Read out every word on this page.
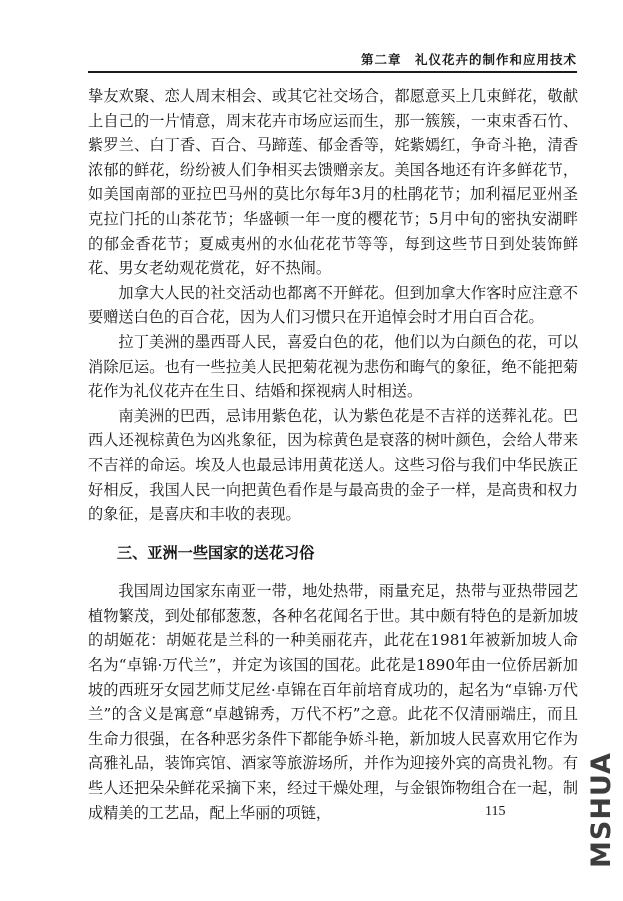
第二章　礼仪花卉的制作和应用技术

挚友欢聚、恋人周末相会、或其它社交场合，都愿意买上几束鲜花，敬献上自己的一片情意，周末花卉市场应运而生，那一簇簇，一束束香石竹、紫罗兰、白丁香、百合、马蹄莲、郁金香等，姹紫嫣红，争奇斗艳，清香浓郁的鲜花，纷纷被人们争相买去馈赠亲友。美国各地还有许多鲜花节，如美国南部的亚拉巴马州的莫比尔每年3月的杜鹃花节；加利福尼亚州圣克拉门托的山茶花节；华盛顿一年一度的樱花节；5月中旬的密执安湖畔的郁金香花节；夏威夷州的水仙花花节等等，每到这些节日到处装饰鲜花、男女老幼观花赏花，好不热闹。

加拿大人民的社交活动也都离不开鲜花。但到加拿大作客时应注意不要赠送白色的百合花，因为人们习惯只在开追悼会时才用白百合花。

拉丁美洲的墨西哥人民，喜爱白色的花，他们以为白颜色的花，可以消除厄运。也有一些拉美人民把菊花视为悲伤和晦气的象征，绝不能把菊花作为礼仪花卉在生日、结婚和探视病人时相送。

南美洲的巴西，忌讳用紫色花，认为紫色花是不吉祥的送葬礼花。巴西人还视棕黄色为凶兆象征，因为棕黄色是衰落的树叶颜色，会给人带来不吉祥的命运。埃及人也最忌讳用黄花送人。这些习俗与我们中华民族正好相反，我国人民一向把黄色看作是与最高贵的金子一样，是高贵和权力的象征，是喜庆和丰收的表现。

三、亚洲一些国家的送花习俗

我国周边国家东南亚一带，地处热带，雨量充足，热带与亚热带园艺植物繁茂，到处郁郁葱葱，各种名花闻名于世。其中颇有特色的是新加坡的胡姬花：胡姬花是兰科的一种美丽花卉，此花在1981年被新加坡人命名为“卓锦·万代兰”，并定为该国的国花。此花是1890年由一位侨居新加坡的西班牙女园艺师艾尼丝·卓锦在百年前培育成功的，起名为“卓锦·万代兰”的含义是寓意“卓越锦秀，万代不朽”之意。此花不仅清丽端庄，而且生命力很强，在各种恶劣条件下都能争娇斗艳，新加坡人民喜欢用它作为高雅礼品，装饰宾馆、酒家等旅游场所，并作为迎接外宾的高贵礼物。有些人还把朵朵鲜花采摘下来，经过干燥处理，与金银饰物组合在一起，制成精美的工艺品，配上华丽的项链，	115	MSHUA
